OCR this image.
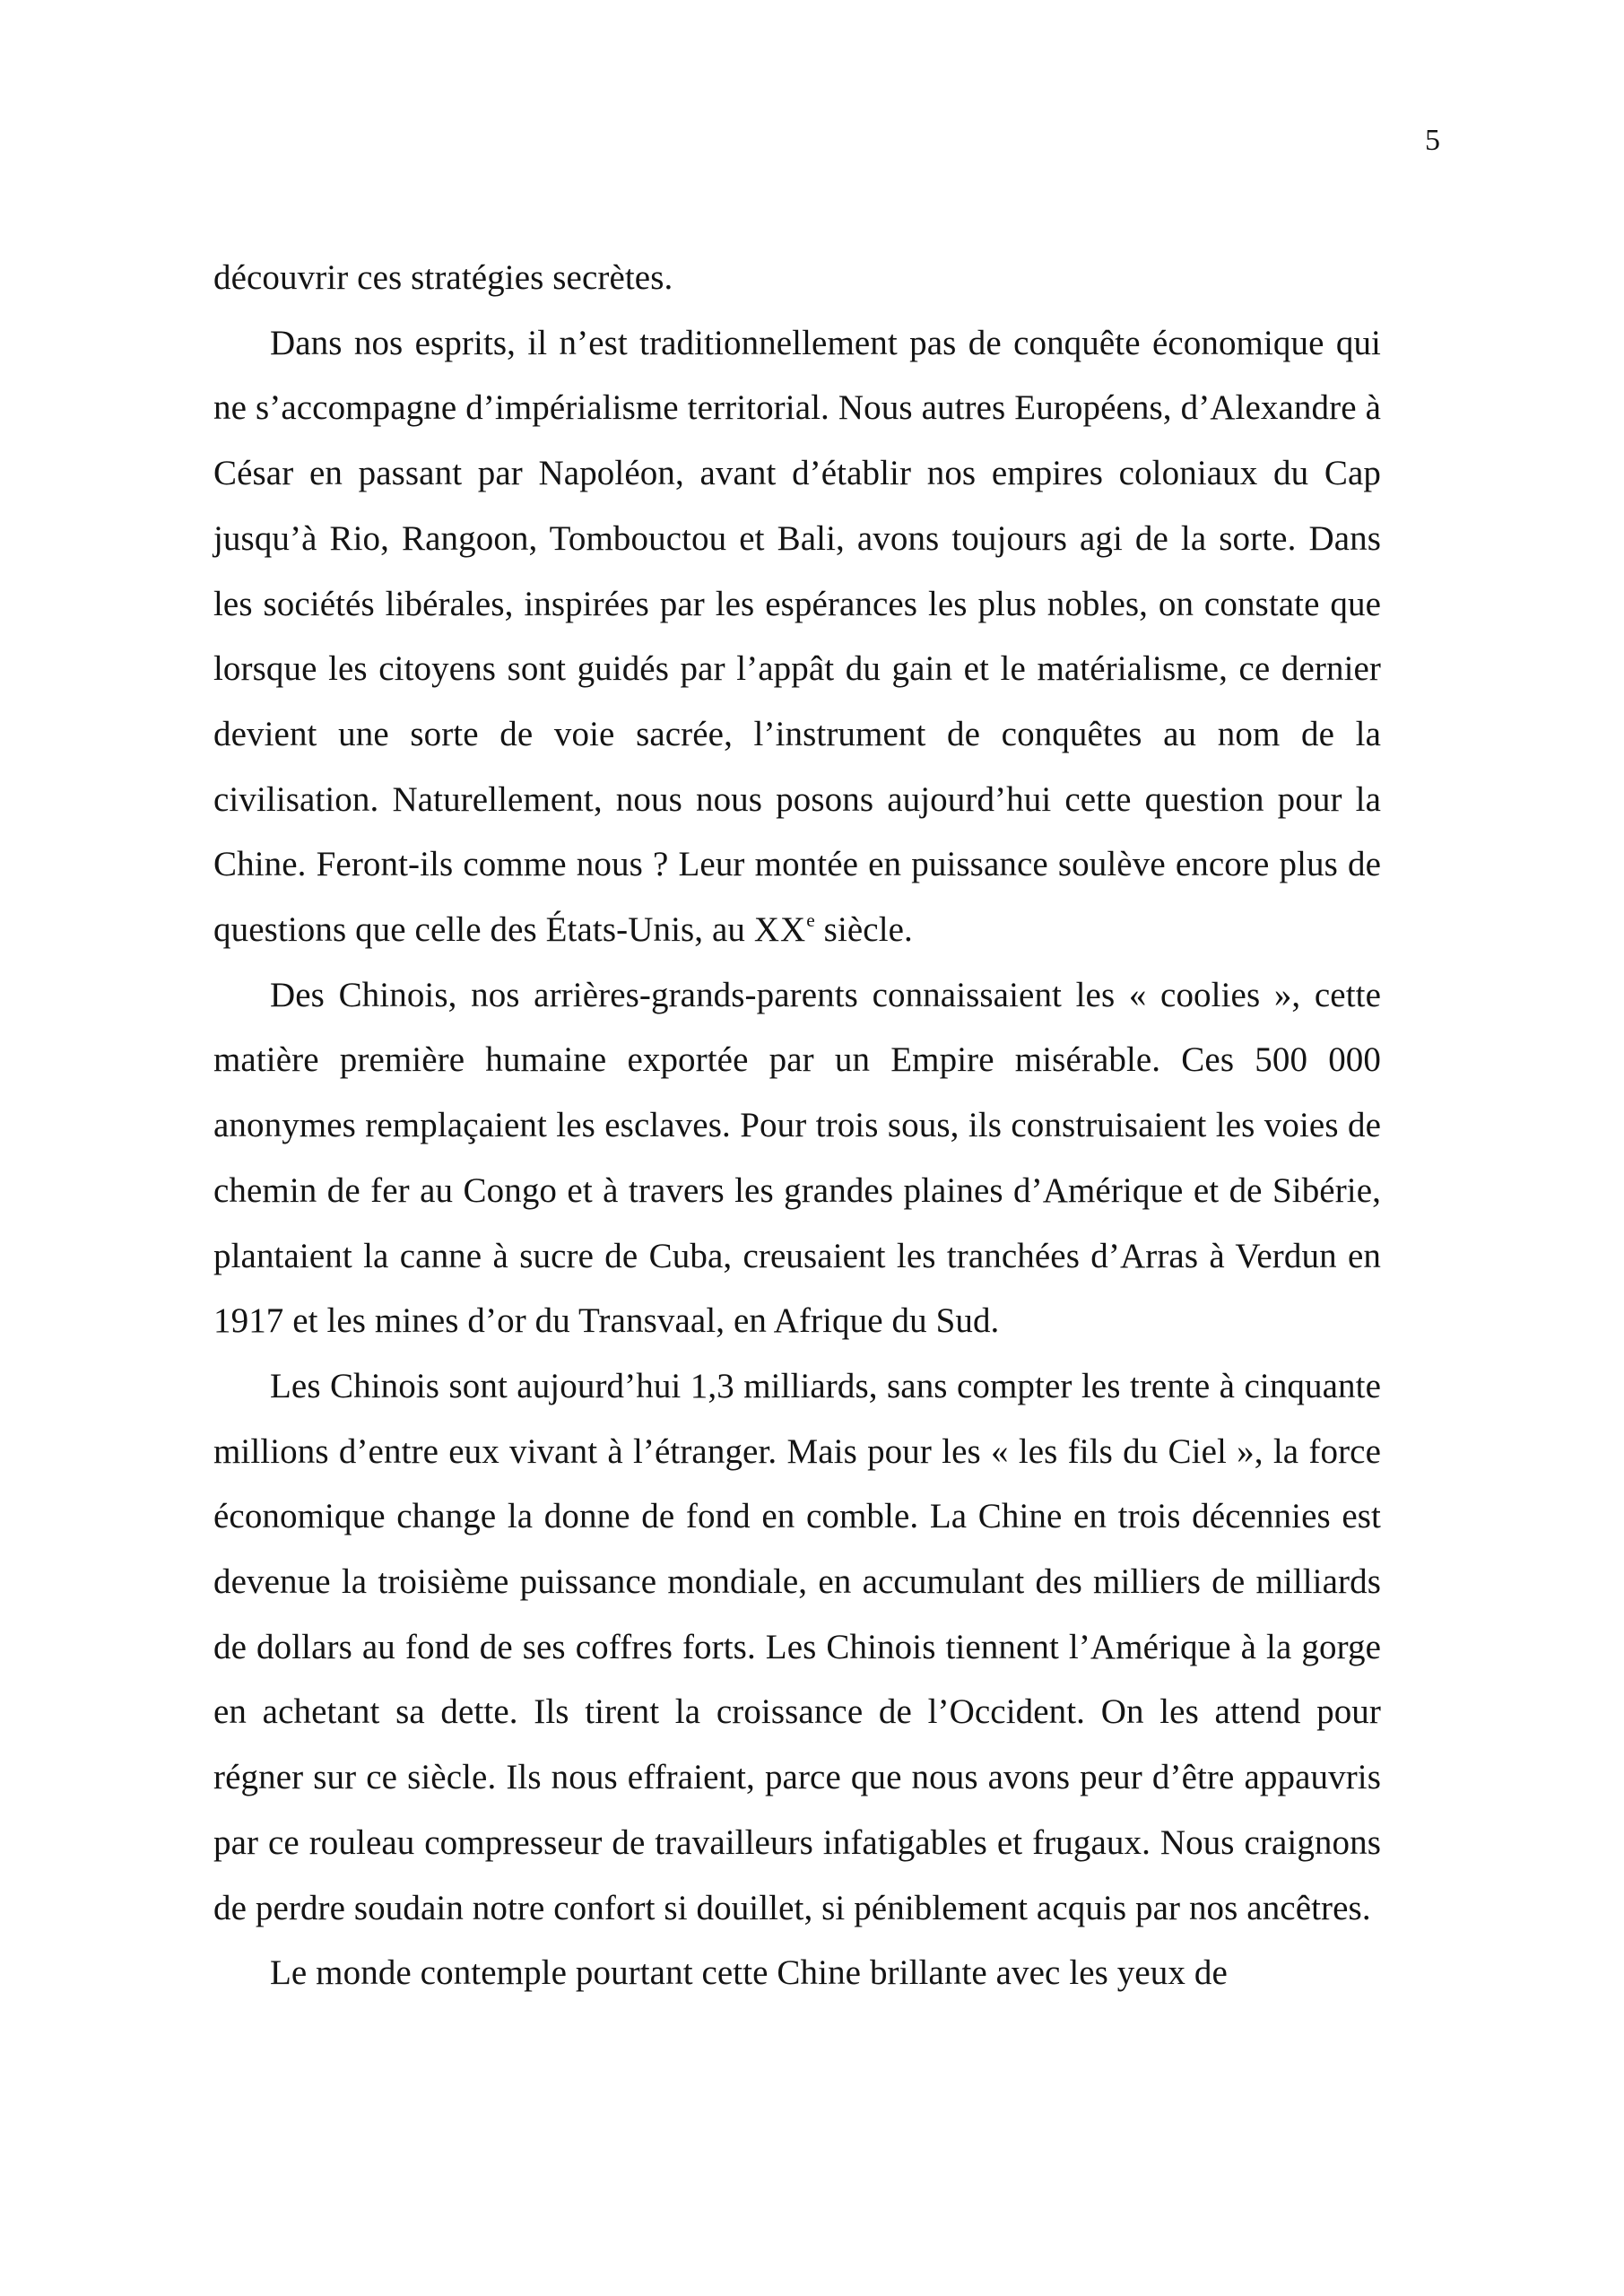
5

découvrir ces stratégies secrètes.

Dans nos esprits, il n’est traditionnellement pas de conquête économique qui ne s’accompagne d’impérialisme territorial. Nous autres Européens, d’Alexandre à César en passant par Napoléon, avant d’établir nos empires coloniaux du Cap jusqu’à Rio, Rangoon, Tombouctou et Bali, avons toujours agi de la sorte. Dans les sociétés libérales, inspirées par les espérances les plus nobles, on constate que lorsque les citoyens sont guidés par l’appât du gain et le matérialisme, ce dernier devient une sorte de voie sacrée, l’instrument de conquêtes au nom de la civilisation. Naturellement, nous nous posons aujourd’hui cette question pour la Chine. Feront-ils comme nous ? Leur montée en puissance soulève encore plus de questions que celle des États-Unis, au XXe siècle.

Des Chinois, nos arrières-grands-parents connaissaient les « coolies », cette matière première humaine exportée par un Empire misérable. Ces 500 000 anonymes remplaçaient les esclaves. Pour trois sous, ils construisaient les voies de chemin de fer au Congo et à travers les grandes plaines d’Amérique et de Sibérie, plantaient la canne à sucre de Cuba, creusaient les tranchées d’Arras à Verdun en 1917 et les mines d’or du Transvaal, en Afrique du Sud.

Les Chinois sont aujourd’hui 1,3 milliards, sans compter les trente à cinquante millions d’entre eux vivant à l’étranger. Mais pour les « les fils du Ciel », la force économique change la donne de fond en comble. La Chine en trois décennies est devenue la troisième puissance mondiale, en accumulant des milliers de milliards de dollars au fond de ses coffres forts. Les Chinois tiennent l’Amérique à la gorge en achetant sa dette. Ils tirent la croissance de l’Occident. On les attend pour régner sur ce siècle. Ils nous effraient, parce que nous avons peur d’être appauvris par ce rouleau compresseur de travailleurs infatigables et frugaux. Nous craignons de perdre soudain notre confort si douillet, si péniblement acquis par nos ancêtres.

Le monde contemple pourtant cette Chine brillante avec les yeux de
